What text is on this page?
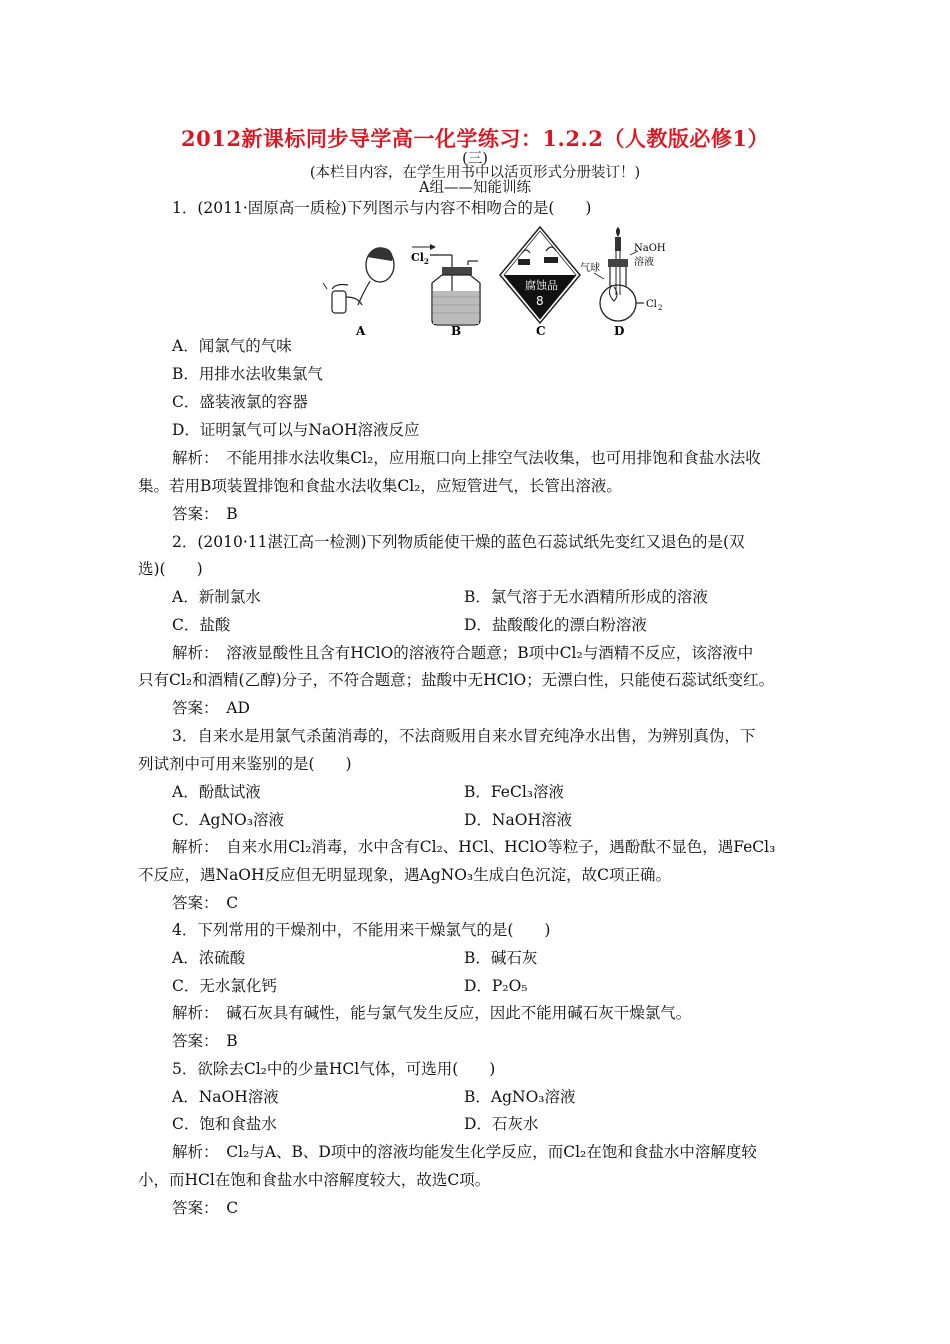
2012新课标同步导学高一化学练习：1.2.2（人教版必修1）
(三)
(本栏目内容，在学生用书中以活页形式分册装订！)
A组——知能训练
1．(2011·固原高一质检)下列图示与内容不相吻合的是(　　)
A
Cl 2
B
腐蚀品
8
C
NaOH
溶液
气球
Cl 2
D
A．闻氯气的气味
B．用排水法收集氯气
C．盛装液氯的容器
D．证明氯气可以与NaOH溶液反应
解析：　不能用排水法收集Cl₂，应用瓶口向上排空气法收集，也可用排饱和食盐水法收
集。若用B项装置排饱和食盐水法收集Cl₂，应短管进气，长管出溶液。
答案：　B
2．(2010·11湛江高一检测)下列物质能使干燥的蓝色石蕊试纸先变红又退色的是(双
选)(　　)
A．新制氯水	B．氯气溶于无水酒精所形成的溶液
C．盐酸	D．盐酸酸化的漂白粉溶液
解析：　溶液显酸性且含有HClO的溶液符合题意；B项中Cl₂与酒精不反应，该溶液中
只有Cl₂和酒精(乙醇)分子，不符合题意；盐酸中无HClO；无漂白性，只能使石蕊试纸变红。
答案：　AD
3．自来水是用氯气杀菌消毒的，不法商贩用自来水冒充纯净水出售，为辨别真伪，下
列试剂中可用来鉴别的是(　　)
A．酚酞试液	B．FeCl₃溶液
C．AgNO₃溶液	D．NaOH溶液
解析：　自来水用Cl₂消毒，水中含有Cl₂、HCl、HClO等粒子，遇酚酞不显色，遇FeCl₃
不反应，遇NaOH反应但无明显现象，遇AgNO₃生成白色沉淀，故C项正确。
答案：　C
4．下列常用的干燥剂中，不能用来干燥氯气的是(　　)
A．浓硫酸	B．碱石灰
C．无水氯化钙	D．P₂O₅
解析：　碱石灰具有碱性，能与氯气发生反应，因此不能用碱石灰干燥氯气。
答案：　B
5．欲除去Cl₂中的少量HCl气体，可选用(　　)
A．NaOH溶液	B．AgNO₃溶液
C．饱和食盐水	D．石灰水
解析：　Cl₂与A、B、D项中的溶液均能发生化学反应，而Cl₂在饱和食盐水中溶解度较
小，而HCl在饱和食盐水中溶解度较大，故选C项。
答案：　C
